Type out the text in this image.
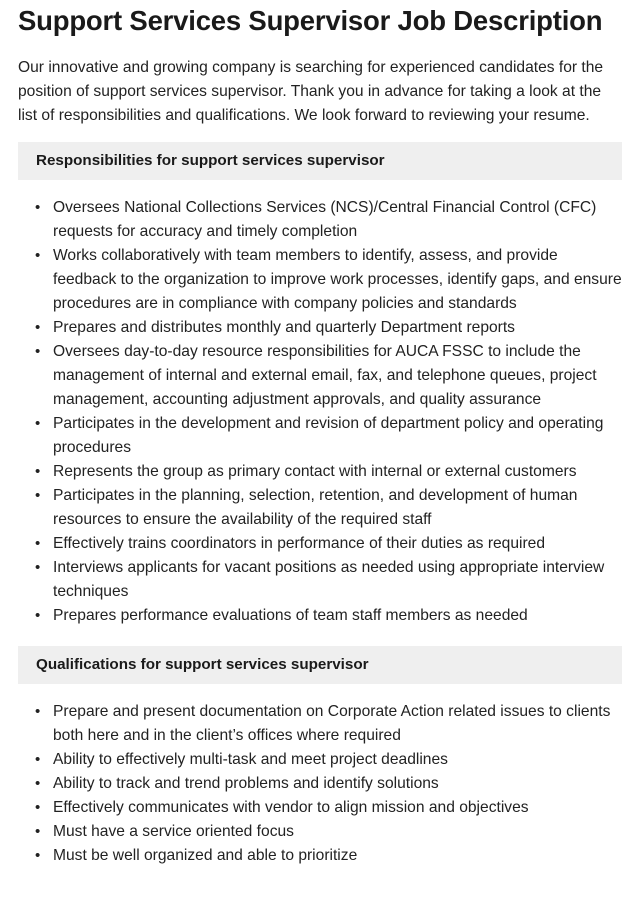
Support Services Supervisor Job Description

Our innovative and growing company is searching for experienced candidates for the position of support services supervisor. Thank you in advance for taking a look at the list of responsibilities and qualifications. We look forward to reviewing your resume.

Responsibilities for support services supervisor
• Oversees National Collections Services (NCS)/Central Financial Control (CFC) requests for accuracy and timely completion
• Works collaboratively with team members to identify, assess, and provide feedback to the organization to improve work processes, identify gaps, and ensure procedures are in compliance with company policies and standards
• Prepares and distributes monthly and quarterly Department reports
• Oversees day-to-day resource responsibilities for AUCA FSSC to include the management of internal and external email, fax, and telephone queues, project management, accounting adjustment approvals, and quality assurance
• Participates in the development and revision of department policy and operating procedures
• Represents the group as primary contact with internal or external customers
• Participates in the planning, selection, retention, and development of human resources to ensure the availability of the required staff
• Effectively trains coordinators in performance of their duties as required
• Interviews applicants for vacant positions as needed using appropriate interview techniques
• Prepares performance evaluations of team staff members as needed
Qualifications for support services supervisor
• Prepare and present documentation on Corporate Action related issues to clients both here and in the client’s offices where required
• Ability to effectively multi-task and meet project deadlines
• Ability to track and trend problems and identify solutions
• Effectively communicates with vendor to align mission and objectives
• Must have a service oriented focus
• Must be well organized and able to prioritize
